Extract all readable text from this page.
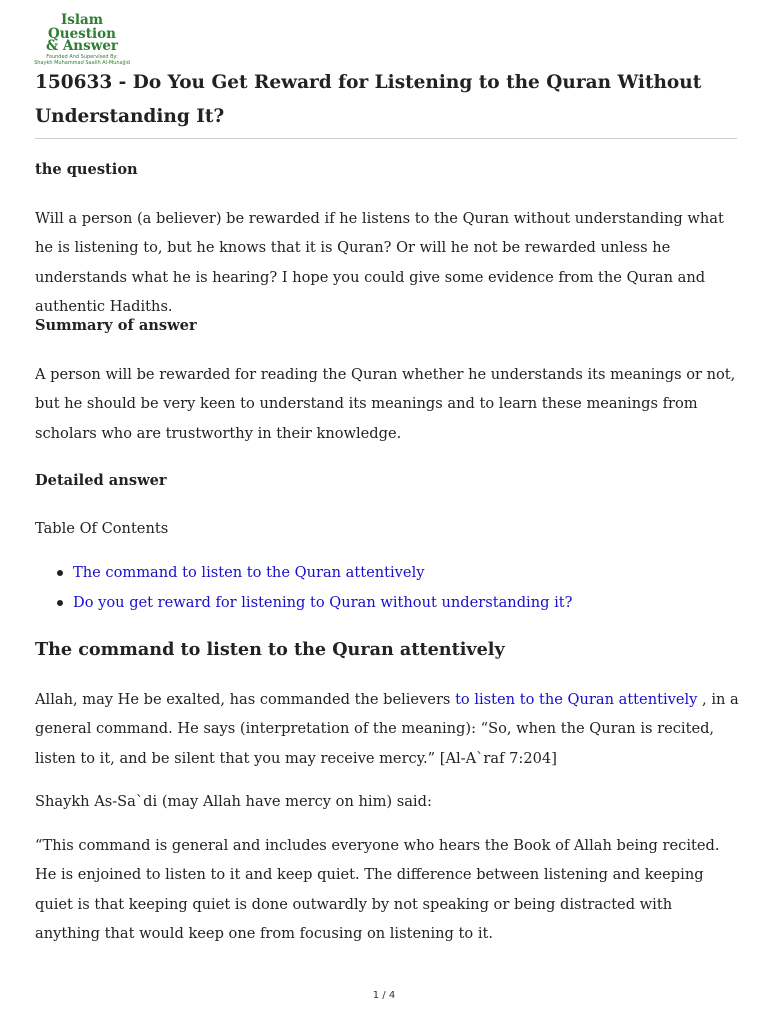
Islam Question
& Answer
Founded And Supervised By:
Shaykh Muhammad Saalih Al-Munajjid
150633 - Do You Get Reward for Listening to the Quran Without
Understanding It?

the question

Will a person (a believer) be rewarded if he listens to the Quran without understanding what he is listening to, but he knows that it is Quran? Or will he not be rewarded unless he understands what he is hearing? I hope you could give some evidence from the Quran and authentic Hadiths.

Summary of answer

A person will be rewarded for reading the Quran whether he understands its meanings or not, but he should be very keen to understand its meanings and to learn these meanings from scholars who are trustworthy in their knowledge.

Detailed answer

Table Of Contents

The command to listen to the Quran attentively
Do you get reward for listening to Quran without understanding it?
The command to listen to the Quran attentively

Allah, may He be exalted, has commanded the believers to listen to the Quran attentively , in a general command. He says (interpretation of the meaning): “So, when the Quran is recited, listen to it, and be silent that you may receive mercy.” [Al-A`raf 7:204]

Shaykh As-Sa`di (may Allah have mercy on him) said:

“This command is general and includes everyone who hears the Book of Allah being recited. He is enjoined to listen to it and keep quiet. The difference between listening and keeping quiet is that keeping quiet is done outwardly by not speaking or being distracted with anything that would keep one from focusing on listening to it.

1 / 4
